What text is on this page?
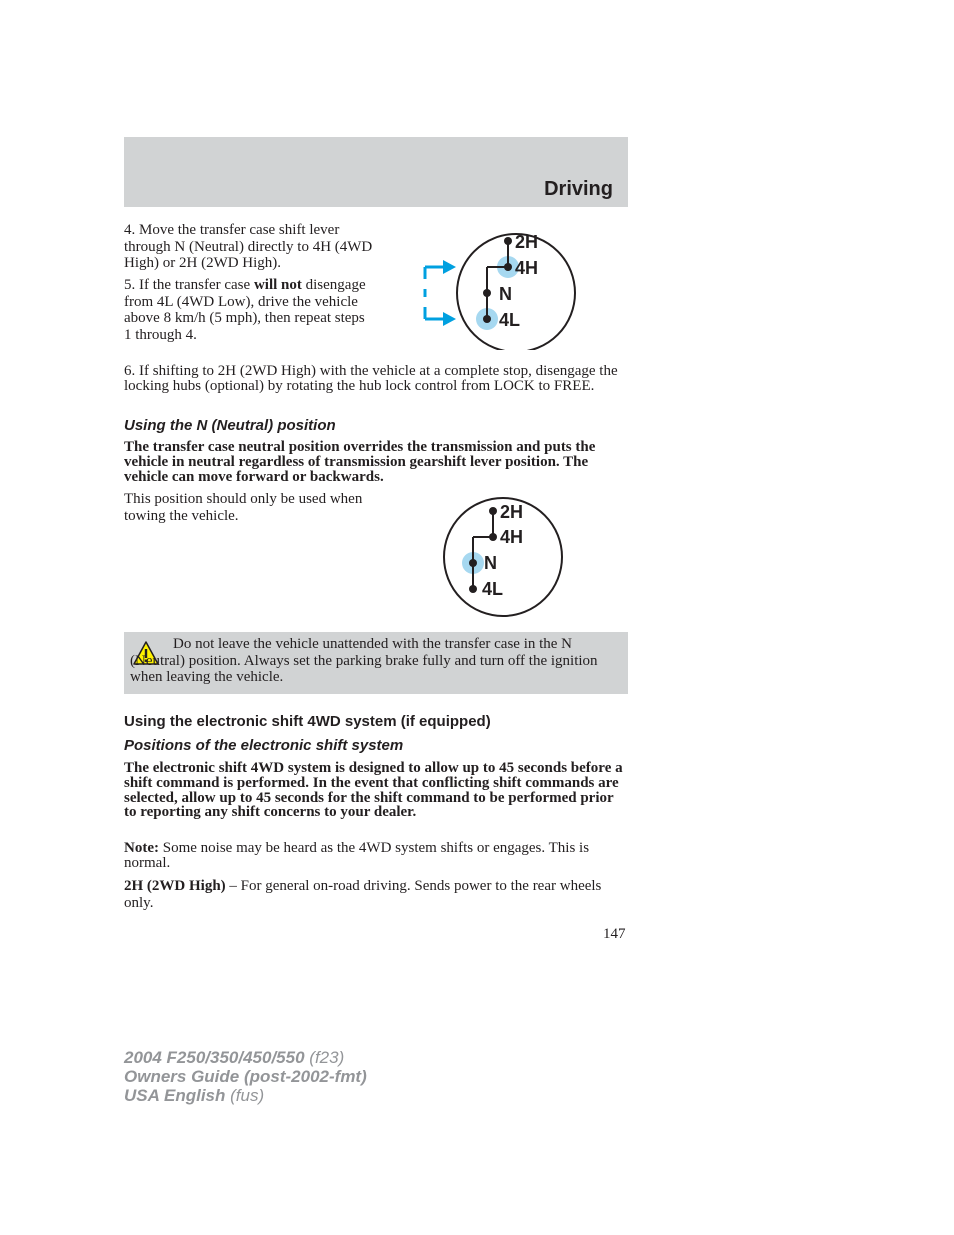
Driving
4. Move the transfer case shift lever through N (Neutral) directly to 4H (4WD High) or 2H (2WD High).
5. If the transfer case will not disengage from 4L (4WD Low), drive the vehicle above 8 km/h (5 mph), then repeat steps 1 through 4.
2H
4H
N
4L
6. If shifting to 2H (2WD High) with the vehicle at a complete stop, disengage the locking hubs (optional) by rotating the hub lock control from LOCK to FREE.
Using the N (Neutral) position
The transfer case neutral position overrides the transmission and puts the vehicle in neutral regardless of transmission gearshift lever position. The vehicle can move forward or backwards.
This position should only be used when towing the vehicle.	2H
4H
N
4L
Do not leave the vehicle unattended with the transfer case in the N (Neutral) position. Always set the parking brake fully and turn off the ignition when leaving the vehicle.
Using the electronic shift 4WD system (if equipped)
Positions of the electronic shift system
The electronic shift 4WD system is designed to allow up to 45 seconds before a shift command is performed. In the event that conflicting shift commands are selected, allow up to 45 seconds for the shift command to be performed prior to reporting any shift concerns to your dealer.
Note: Some noise may be heard as the 4WD system shifts or engages. This is normal.
2H (2WD High) – For general on-road driving. Sends power to the rear wheels only.
147
2004 F250/350/450/550 (f23)
Owners Guide (post-2002-fmt)
USA English (fus)
